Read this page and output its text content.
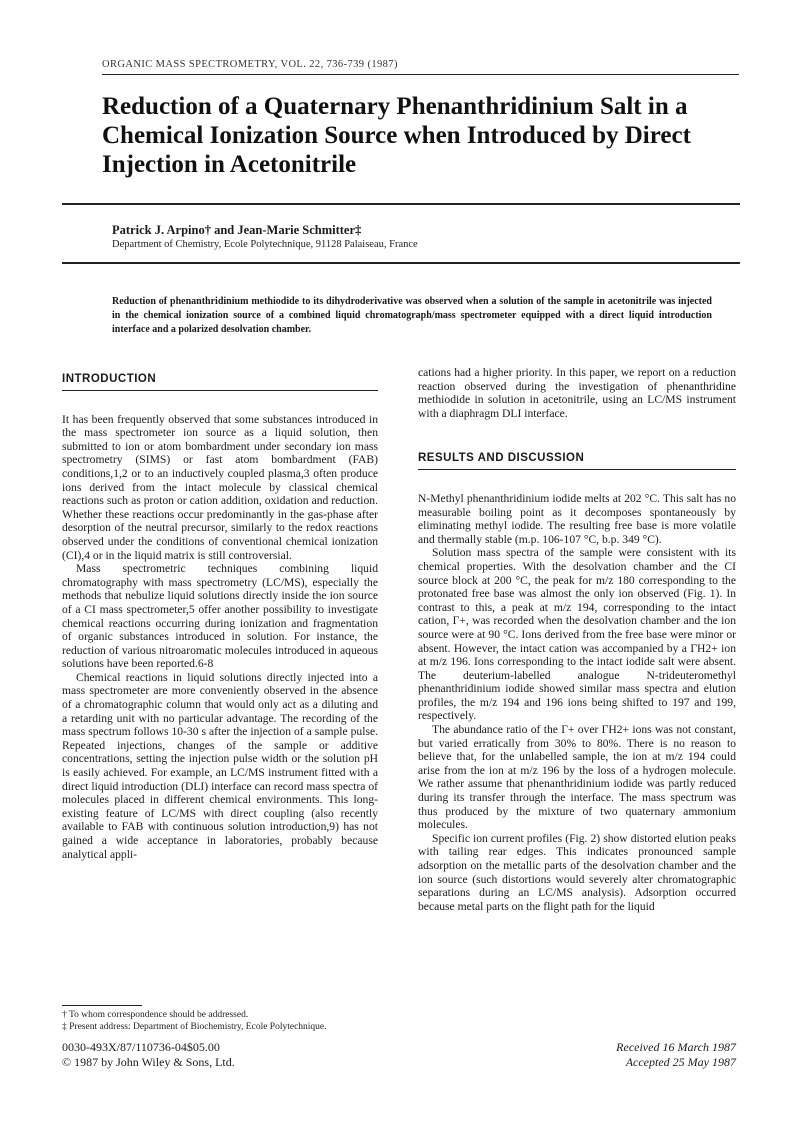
ORGANIC MASS SPECTROMETRY, VOL. 22, 736-739 (1987)
Reduction of a Quaternary Phenanthridinium Salt in a Chemical Ionization Source when Introduced by Direct Injection in Acetonitrile
Patrick J. Arpino† and Jean-Marie Schmitter‡
Department of Chemistry, Ecole Polytechnique, 91128 Palaiseau, France
Reduction of phenanthridinium methiodide to its dihydroderivative was observed when a solution of the sample in acetonitrile was injected in the chemical ionization source of a combined liquid chromatograph/mass spectrometer equipped with a direct liquid introduction interface and a polarized desolvation chamber.
INTRODUCTION

It has been frequently observed that some substances introduced in the mass spectrometer ion source as a liquid solution, then submitted to ion or atom bombardment under secondary ion mass spectrometry (SIMS) or fast atom bombardment (FAB) conditions,1,2 or to an inductively coupled plasma,3 often produce ions derived from the intact molecule by classical chemical reactions such as proton or cation addition, oxidation and reduction. Whether these reactions occur predominantly in the gas-phase after desorption of the neutral precursor, similarly to the redox reactions observed under the conditions of conventional chemical ionization (CI),4 or in the liquid matrix is still controversial.

Mass spectrometric techniques combining liquid chromatography with mass spectrometry (LC/MS), especially the methods that nebulize liquid solutions directly inside the ion source of a CI mass spectrometer,5 offer another possibility to investigate chemical reactions occurring during ionization and fragmentation of organic substances introduced in solution. For instance, the reduction of various nitroaromatic molecules introduced in aqueous solutions have been reported.6-8

Chemical reactions in liquid solutions directly injected into a mass spectrometer are more conveniently observed in the absence of a chromatographic column that would only act as a diluting and a retarding unit with no particular advantage. The recording of the mass spectrum follows 10-30 s after the injection of a sample pulse. Repeated injections, changes of the sample or additive concentrations, setting the injection pulse width or the solution pH is easily achieved. For example, an LC/MS instrument fitted with a direct liquid introduction (DLI) interface can record mass spectra of molecules placed in different chemical environments. This long-existing feature of LC/MS with direct coupling (also recently available to FAB with continuous solution introduction,9) has not gained a wide acceptance in laboratories, probably because analytical appli-

† To whom correspondence should be addressed.
‡ Present address: Department of Biochemistry, Ecole Polytechnique.
0030-493X/87/110736-04$05.00
© 1987 by John Wiley & Sons, Ltd.

cations had a higher priority. In this paper, we report on a reduction reaction observed during the investigation of phenanthridine methiodide in solution in acetonitrile, using an LC/MS instrument with a diaphragm DLI interface.

RESULTS AND DISCUSSION

N-Methyl phenanthridinium iodide melts at 202 °C. This salt has no measurable boiling point as it decomposes spontaneously by eliminating methyl iodide. The resulting free base is more volatile and thermally stable (m.p. 106-107 °C, b.p. 349 °C).

Solution mass spectra of the sample were consistent with its chemical properties. With the desolvation chamber and the CI source block at 200 °C, the peak for m/z 180 corresponding to the protonated free base was almost the only ion observed (Fig. 1). In contrast to this, a peak at m/z 194, corresponding to the intact cation, Γ+, was recorded when the desolvation chamber and the ion source were at 90 °C. Ions derived from the free base were minor or absent. However, the intact cation was accompanied by a ΓH2+ ion at m/z 196. Ions corresponding to the intact iodide salt were absent. The deuterium-labelled analogue N-trideuteromethyl phenanthridinium iodide showed similar mass spectra and elution profiles, the m/z 194 and 196 ions being shifted to 197 and 199, respectively.

The abundance ratio of the Γ+ over ΓH2+ ions was not constant, but varied erratically from 30% to 80%. There is no reason to believe that, for the unlabelled sample, the ion at m/z 194 could arise from the ion at m/z 196 by the loss of a hydrogen molecule. We rather assume that phenanthridinium iodide was partly reduced during its transfer through the interface. The mass spectrum was thus produced by the mixture of two quaternary ammonium molecules.

Specific ion current profiles (Fig. 2) show distorted elution peaks with tailing rear edges. This indicates pronounced sample adsorption on the metallic parts of the desolvation chamber and the ion source (such distortions would severely alter chromatographic separations during an LC/MS analysis). Adsorption occurred because metal parts on the flight path for the liquid

Received 16 March 1987
Accepted 25 May 1987
